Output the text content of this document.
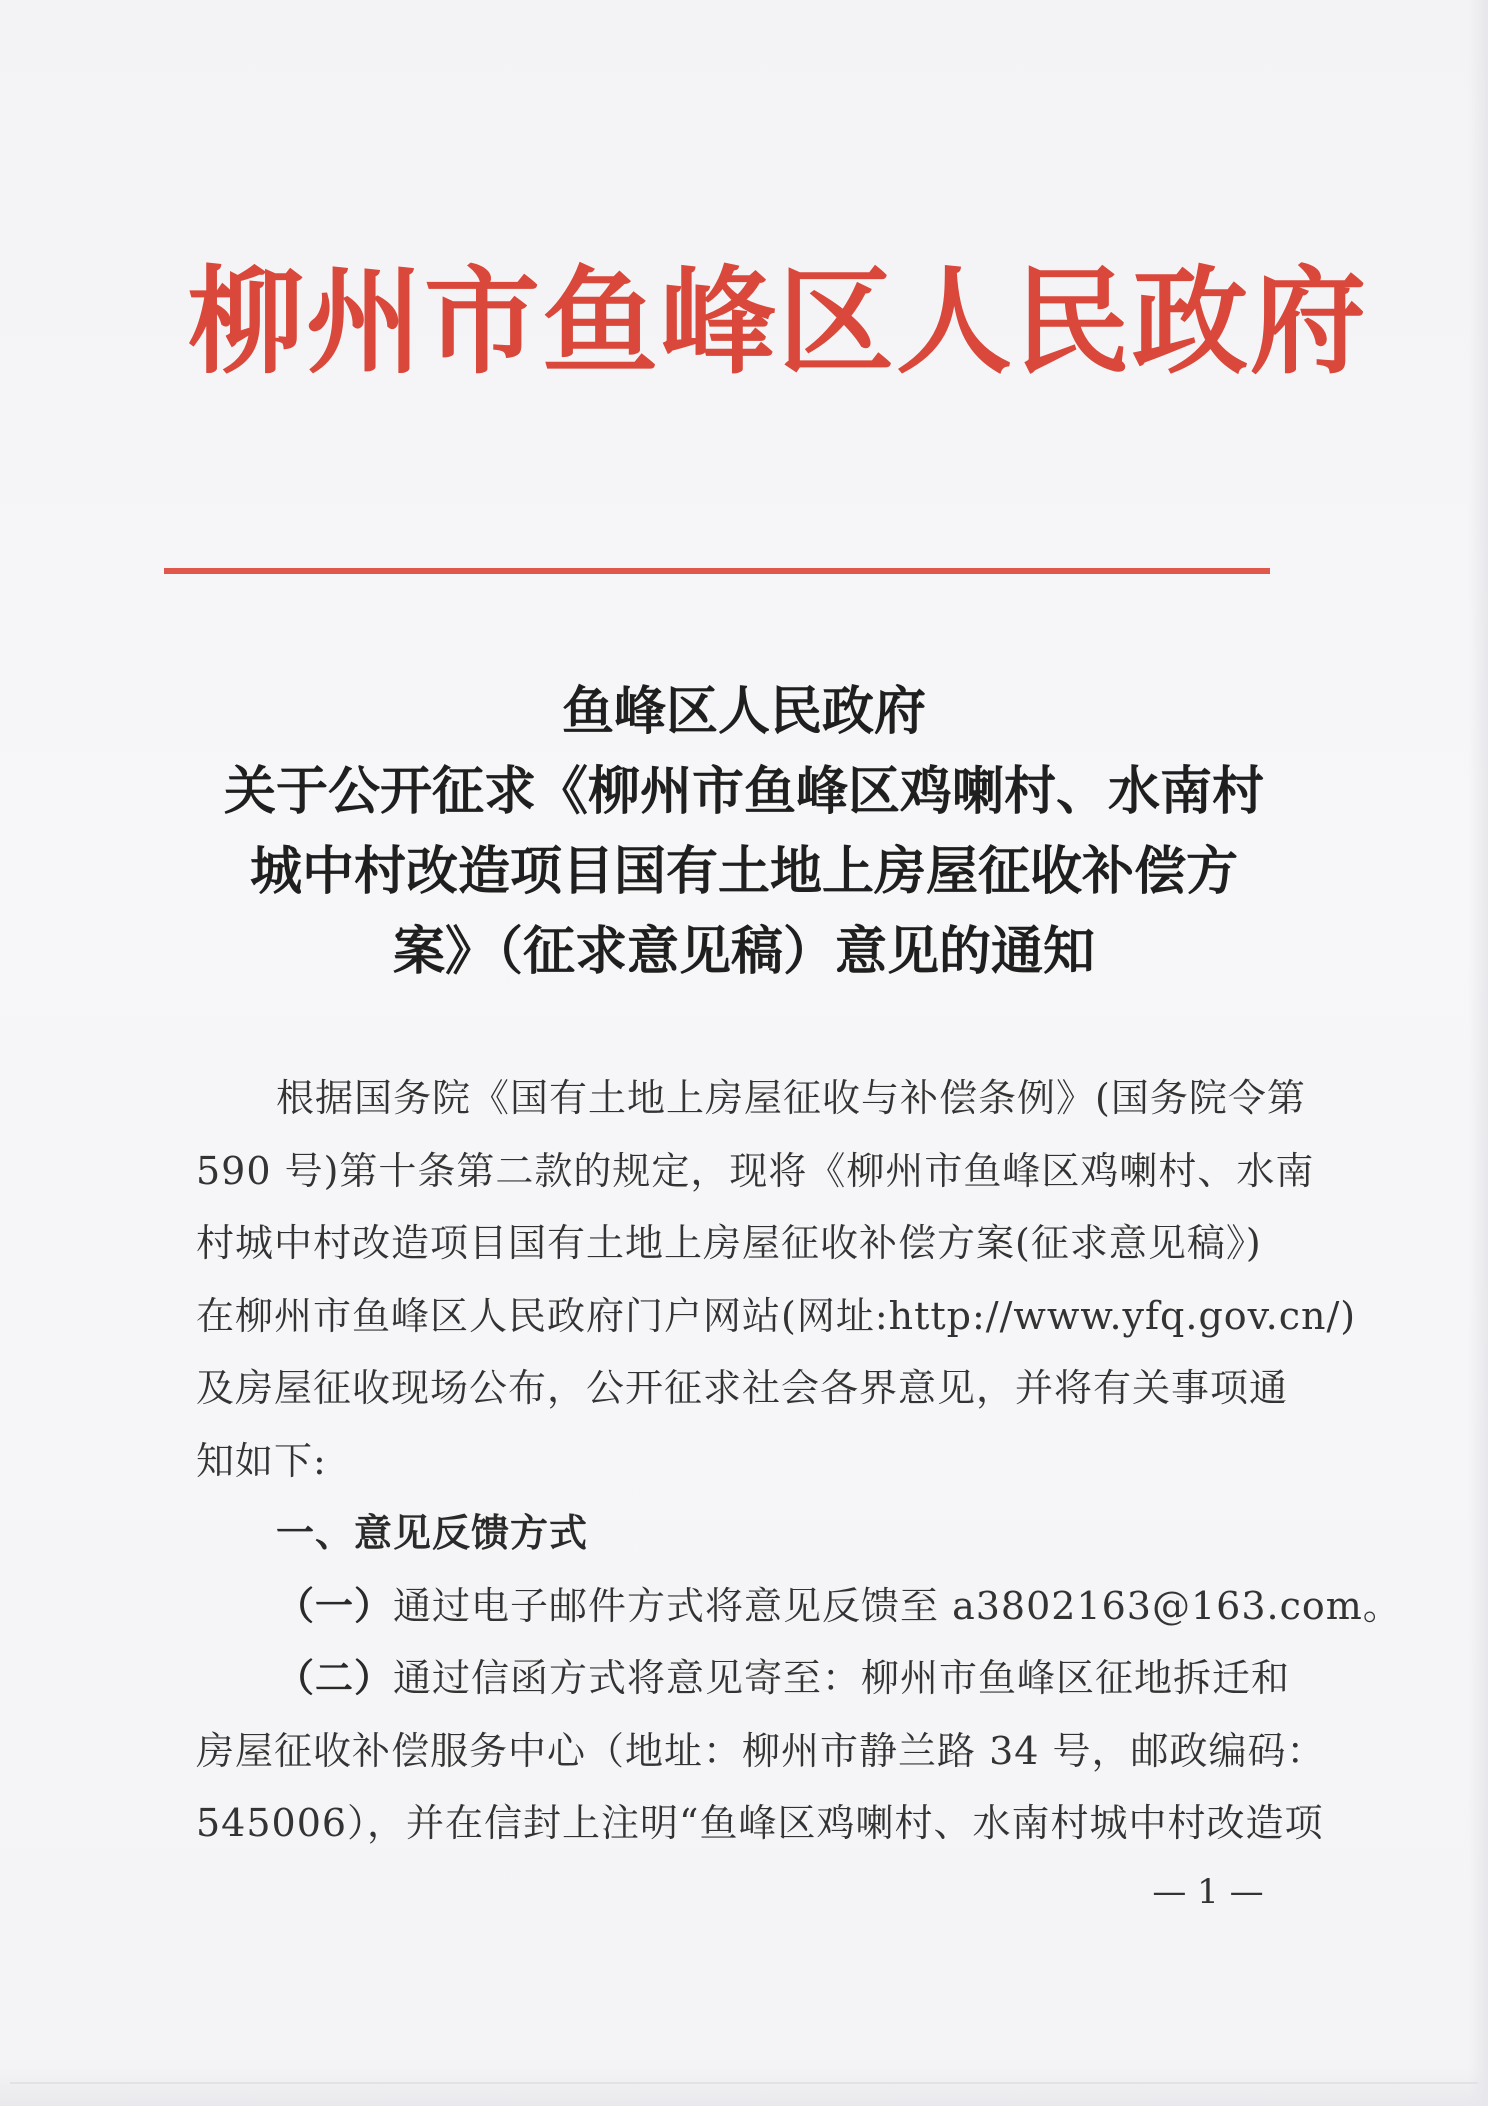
柳州市鱼峰区人民政府
鱼峰区人民政府
关于公开征求《柳州市鱼峰区鸡喇村、水南村
城中村改造项目国有土地上房屋征收补偿方
案》（征求意见稿）意见的通知
根据国务院《国有土地上房屋征收与补偿条例》(国务院令第
590 号)第十条第二款的规定，现将《柳州市鱼峰区鸡喇村、水南
村城中村改造项目国有土地上房屋征收补偿方案(征求意见稿》)
在柳州市鱼峰区人民政府门户网站(网址:http://www.yfq.gov.cn/)
及房屋征收现场公布，公开征求社会各界意见，并将有关事项通
知如下:
一、意见反馈方式
（一）通过电子邮件方式将意见反馈至 a3802163@163.com。
（二）通过信函方式将意见寄至：柳州市鱼峰区征地拆迁和
房屋征收补偿服务中心（地址：柳州市静兰路 34 号，邮政编码：
545006），并在信封上注明“鱼峰区鸡喇村、水南村城中村改造项
— 1 —
